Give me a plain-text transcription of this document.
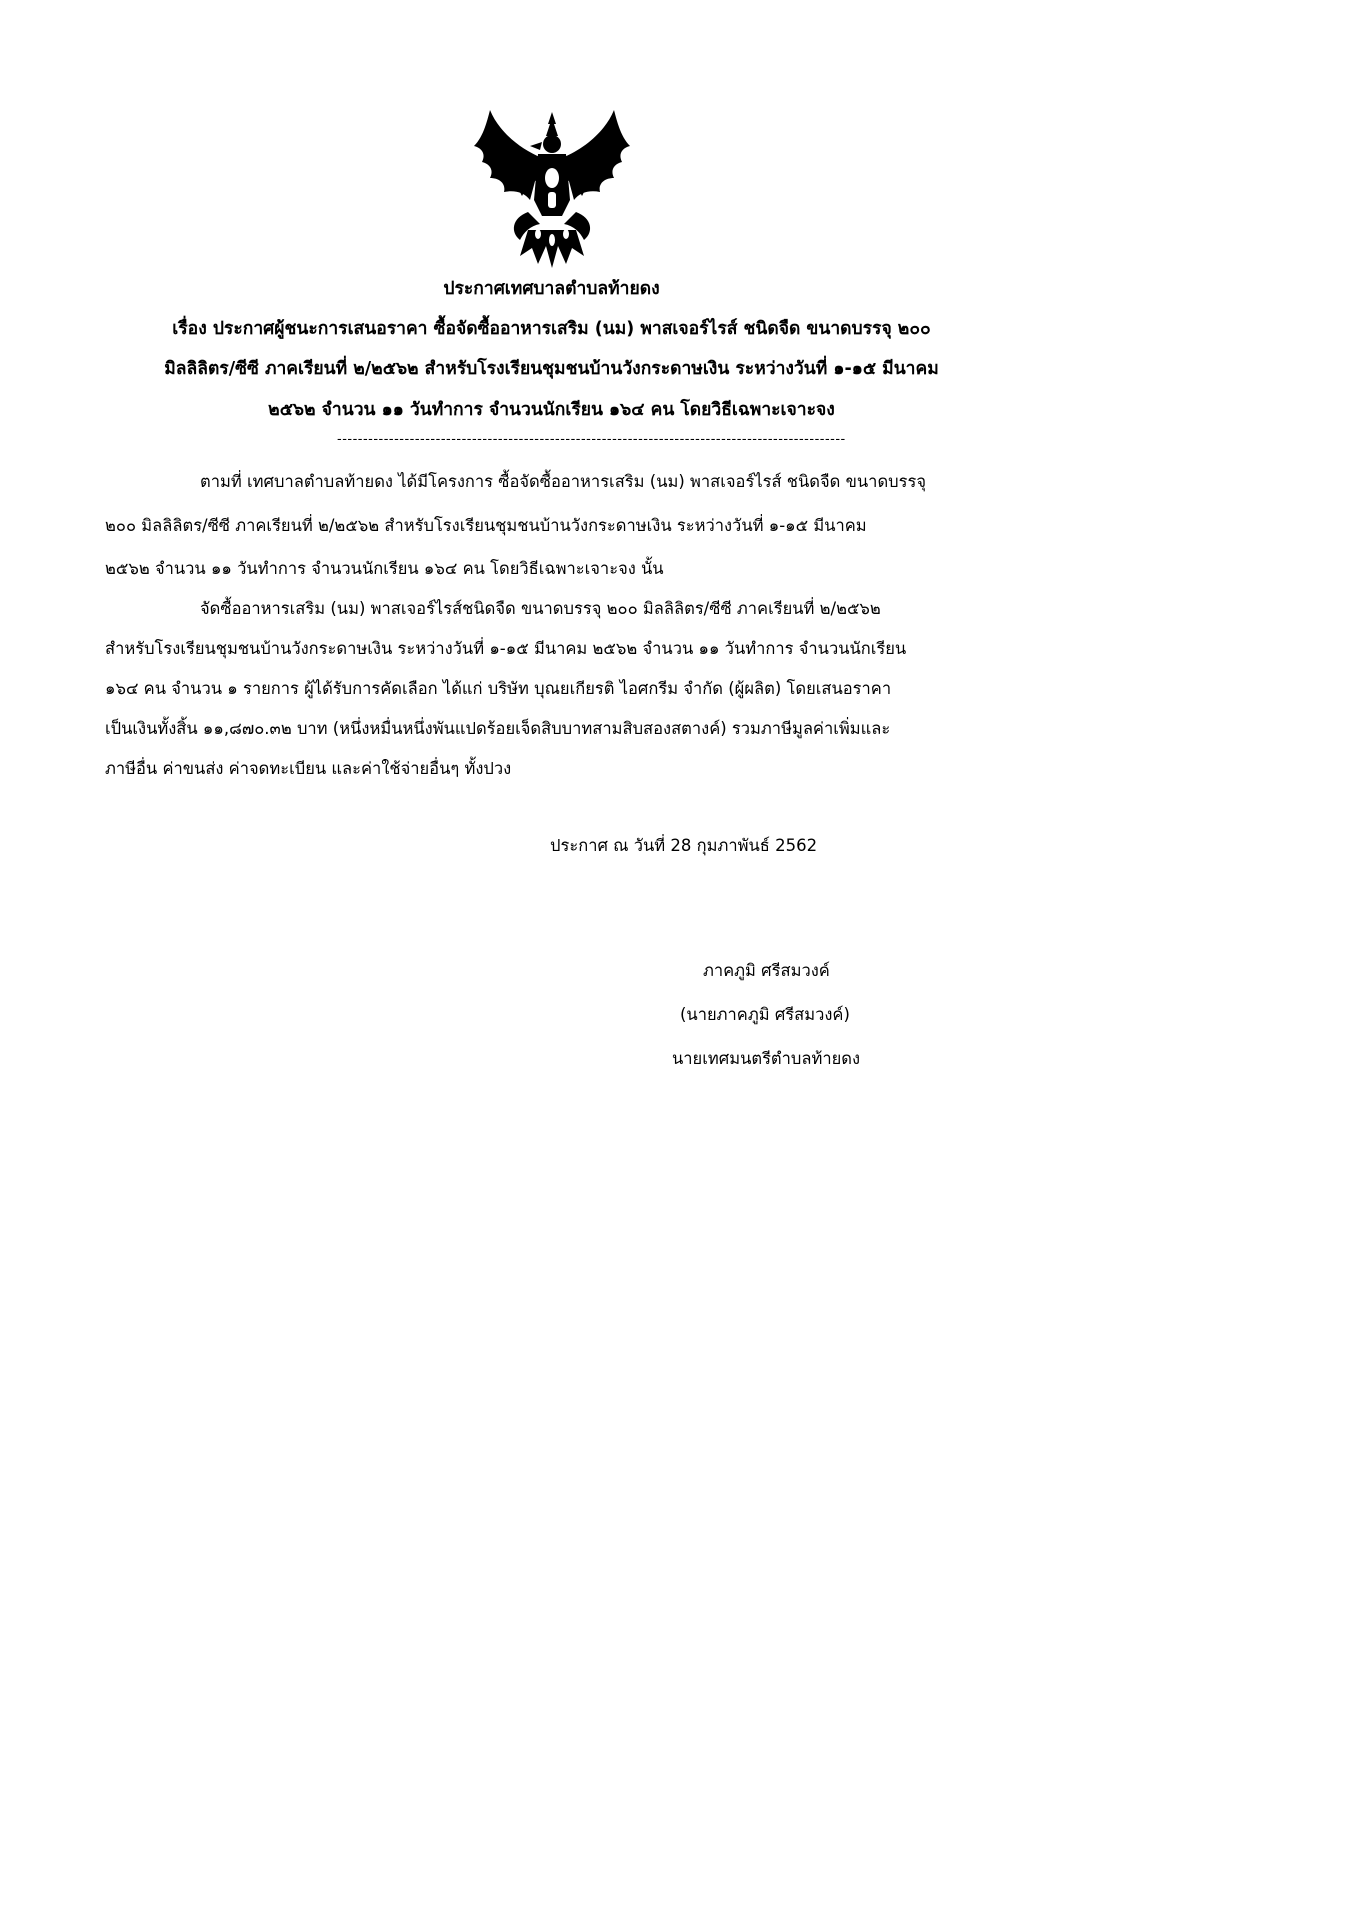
ประกาศเทศบาลตำบลท้ายดง
เรื่อง ประกาศผู้ชนะการเสนอราคา ซื้อจัดซื้ออาหารเสริม (นม) พาสเจอร์ไรส์ ชนิดจืด ขนาดบรรจุ ๒๐๐
มิลลิลิตร/ซีซี ภาคเรียนที่ ๒/๒๕๖๒ สำหรับโรงเรียนชุมชนบ้านวังกระดาษเงิน ระหว่างวันที่ ๑-๑๕ มีนาคม
๒๕๖๒ จำนวน ๑๑ วันทำการ จำนวนนักเรียน ๑๖๔ คน โดยวิธีเฉพาะเจาะจง
--------------------------------------------------------------------------------------------------
ตามที่ เทศบาลตำบลท้ายดง ได้มีโครงการ ซื้อจัดซื้ออาหารเสริม (นม) พาสเจอร์ไรส์ ชนิดจืด ขนาดบรรจุ
๒๐๐ มิลลิลิตร/ซีซี ภาคเรียนที่ ๒/๒๕๖๒ สำหรับโรงเรียนชุมชนบ้านวังกระดาษเงิน ระหว่างวันที่ ๑-๑๕ มีนาคม
๒๕๖๒ จำนวน ๑๑ วันทำการ จำนวนนักเรียน ๑๖๔ คน โดยวิธีเฉพาะเจาะจง นั้น
จัดซื้ออาหารเสริม (นม) พาสเจอร์ไรส์ชนิดจืด ขนาดบรรจุ ๒๐๐ มิลลิลิตร/ซีซี ภาคเรียนที่ ๒/๒๕๖๒
สำหรับโรงเรียนชุมชนบ้านวังกระดาษเงิน ระหว่างวันที่ ๑-๑๕ มีนาคม ๒๕๖๒ จำนวน ๑๑ วันทำการ จำนวนนักเรียน
๑๖๔ คน จำนวน ๑ รายการ ผู้ได้รับการคัดเลือก ได้แก่ บริษัท บุณยเกียรติ ไอศกรีม จำกัด (ผู้ผลิต) โดยเสนอราคา
เป็นเงินทั้งสิ้น ๑๑,๘๗๐.๓๒ บาท (หนึ่งหมื่นหนึ่งพันแปดร้อยเจ็ดสิบบาทสามสิบสองสตางค์) รวมภาษีมูลค่าเพิ่มและ
ภาษีอื่น ค่าขนส่ง ค่าจดทะเบียน และค่าใช้จ่ายอื่นๆ ทั้งปวง
ประกาศ ณ วันที่ 28 กุมภาพันธ์ 2562
ภาคภูมิ ศรีสมวงค์
(นายภาคภูมิ ศรีสมวงค์)
นายเทศมนตรีตำบลท้ายดง
